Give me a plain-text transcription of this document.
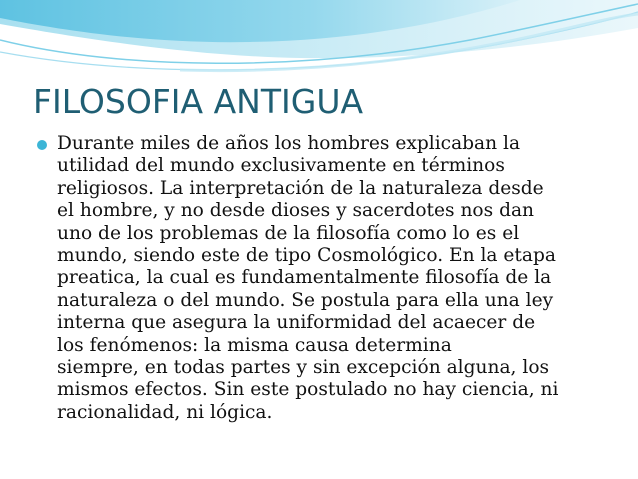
FILOSOFIA ANTIGUA

Durante miles de años los hombres explicaban la
utilidad del mundo exclusivamente en términos
religiosos. La interpretación de la naturaleza desde
el hombre, y no desde dioses y sacerdotes nos dan
uno de los problemas de la filosofía como lo es el
mundo, siendo este de tipo Cosmológico. En la etapa
preatica, la cual es fundamentalmente filosofía de la
naturaleza o del mundo. Se postula para ella una ley
interna que asegura la uniformidad del acaecer de
los fenómenos: la misma causa determina
siempre, en todas partes y sin excepción alguna, los
mismos efectos. Sin este postulado no hay ciencia, ni
racionalidad, ni lógica.
